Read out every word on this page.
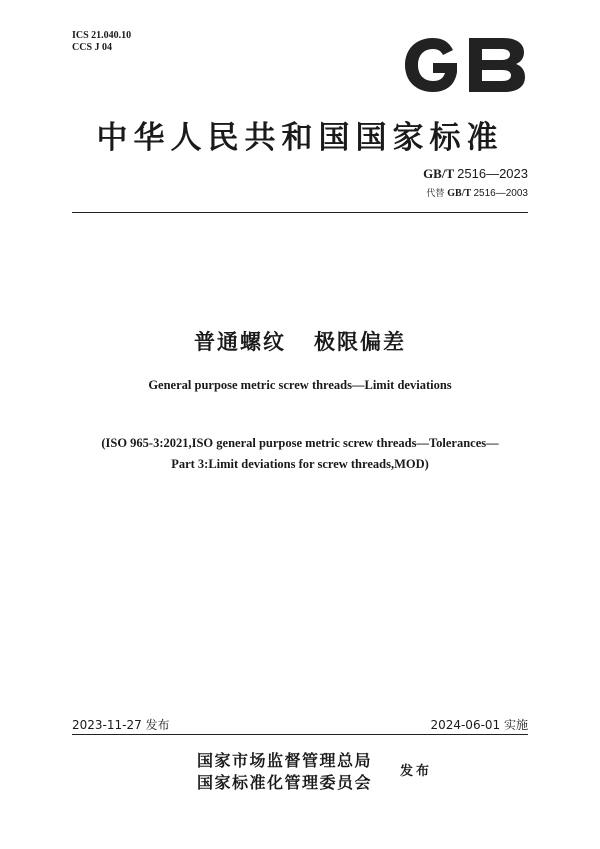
ICS 21.040.10
CCS J 04
GB
中华人民共和国国家标准
GB/T 2516—2023
代替 GB/T 2516—2003
普通螺纹   极限偏差
General purpose metric screw threads—Limit deviations
(ISO 965-3:2021,ISO general purpose metric screw threads—Tolerances—
Part 3:Limit deviations for screw threads,MOD)
2023-11-27 发布	2024-06-01 实施
国家市场监督管理总局
国家标准化管理委员会
发布
